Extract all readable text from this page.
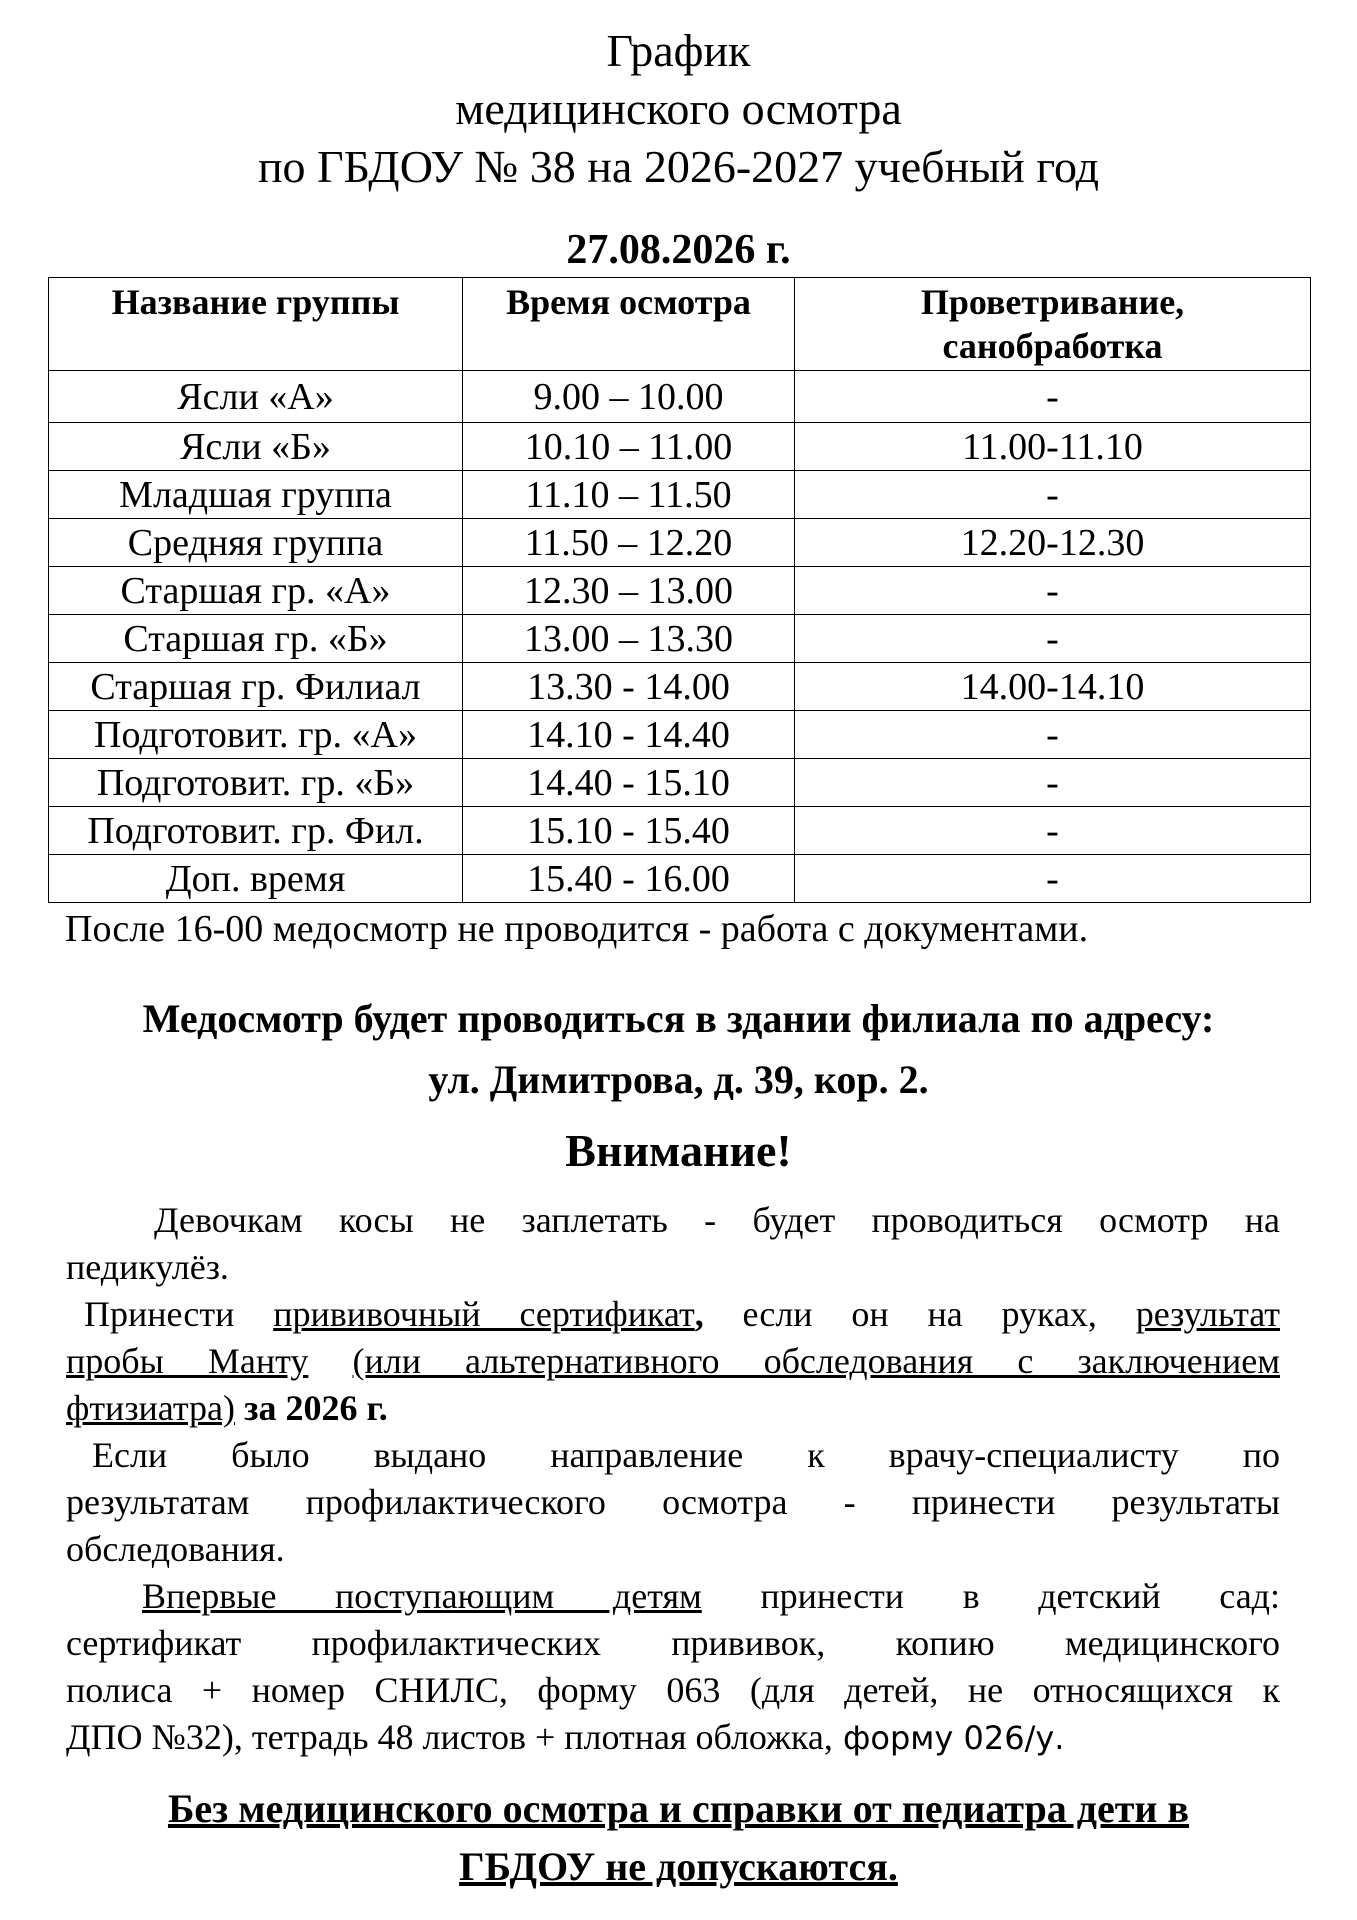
График
медицинского осмотра
по ГБДОУ № 38 на 2026-2027 учебный год
27.08.2026 г.
Название группы	Время осмотра	Проветривание,
санобработка

Ясли «А»	9.00 – 10.00	-
Ясли «Б»	10.10 – 11.00	11.00-11.10
Младшая группа	11.10 – 11.50	-
Средняя группа	11.50 – 12.20	12.20-12.30
Старшая гр. «А»	12.30 – 13.00	-
Старшая гр. «Б»	13.00 – 13.30	-
Старшая гр. Филиал	13.30 - 14.00	14.00-14.10
Подготовит. гр. «А»	14.10 - 14.40	-
Подготовит. гр. «Б»	14.40 - 15.10	-
Подготовит. гр. Фил.	15.10 - 15.40	-
Доп. время	15.40 - 16.00	-
После 16-00 медосмотр не проводится - работа с документами.
Медосмотр будет проводиться в здании филиала по адресу:
ул. Димитрова, д. 39, кор. 2.
Внимание!
Девочкам косы не заплетать - будет проводиться осмотр на
педикулёз.
Принести прививочный сертификат, если он на руках, результат
пробы Манту (или альтернативного обследования с заключением
фтизиатра) за 2026 г.
Если было выдано направление к врачу-специалисту по
результатам профилактического осмотра - принести результаты
обследования.
Впервые поступающим детям принести в детский сад:
сертификат профилактических прививок, копию медицинского
полиса + номер СНИЛС, форму 063 (для детей, не относящихся к
ДПО №32), тетрадь 48 листов + плотная обложка, форму 026/у.
Без медицинского осмотра и справки от педиатра дети в
ГБДОУ не допускаются.
